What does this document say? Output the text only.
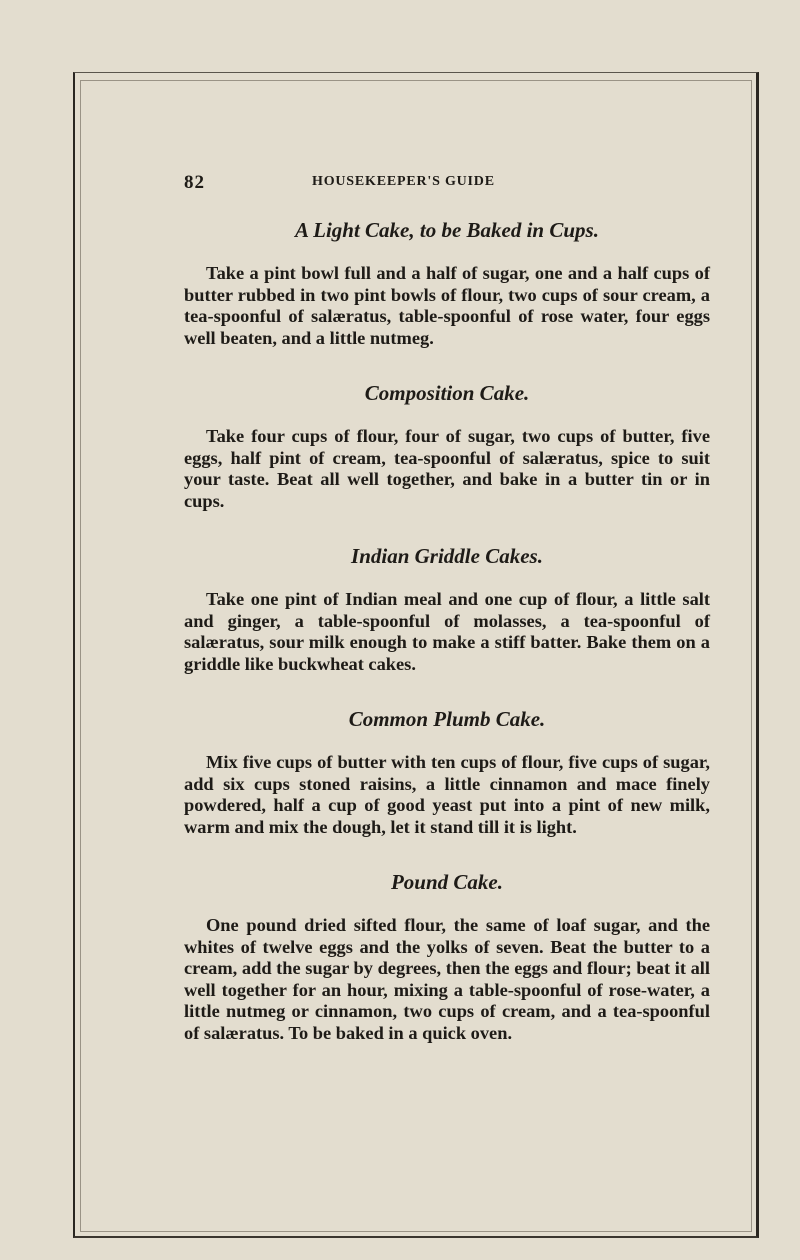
82	HOUSEKEEPER'S GUIDE
A Light Cake, to be Baked in Cups.

Take a pint bowl full and a half of sugar, one and a half cups of butter rubbed in two pint bowls of flour, two cups of sour cream, a tea-spoonful of salæratus, table-spoonful of rose water, four eggs well beaten, and a little nutmeg.

Composition Cake.

Take four cups of flour, four of sugar, two cups of butter, five eggs, half pint of cream, tea-spoonful of salæratus, spice to suit your taste. Beat all well together, and bake in a butter tin or in cups.

Indian Griddle Cakes.

Take one pint of Indian meal and one cup of flour, a little salt and ginger, a table-spoonful of molasses, a tea-spoonful of salæratus, sour milk enough to make a stiff batter. Bake them on a griddle like buckwheat cakes.

Common Plumb Cake.

Mix five cups of butter with ten cups of flour, five cups of sugar, add six cups stoned raisins, a little cinnamon and mace finely powdered, half a cup of good yeast put into a pint of new milk, warm and mix the dough, let it stand till it is light.

Pound Cake.

One pound dried sifted flour, the same of loaf sugar, and the whites of twelve eggs and the yolks of seven. Beat the butter to a cream, add the sugar by degrees, then the eggs and flour; beat it all well together for an hour, mixing a table-spoonful of rose-water, a little nutmeg or cinnamon, two cups of cream, and a tea-spoonful of salæratus. To be baked in a quick oven.
